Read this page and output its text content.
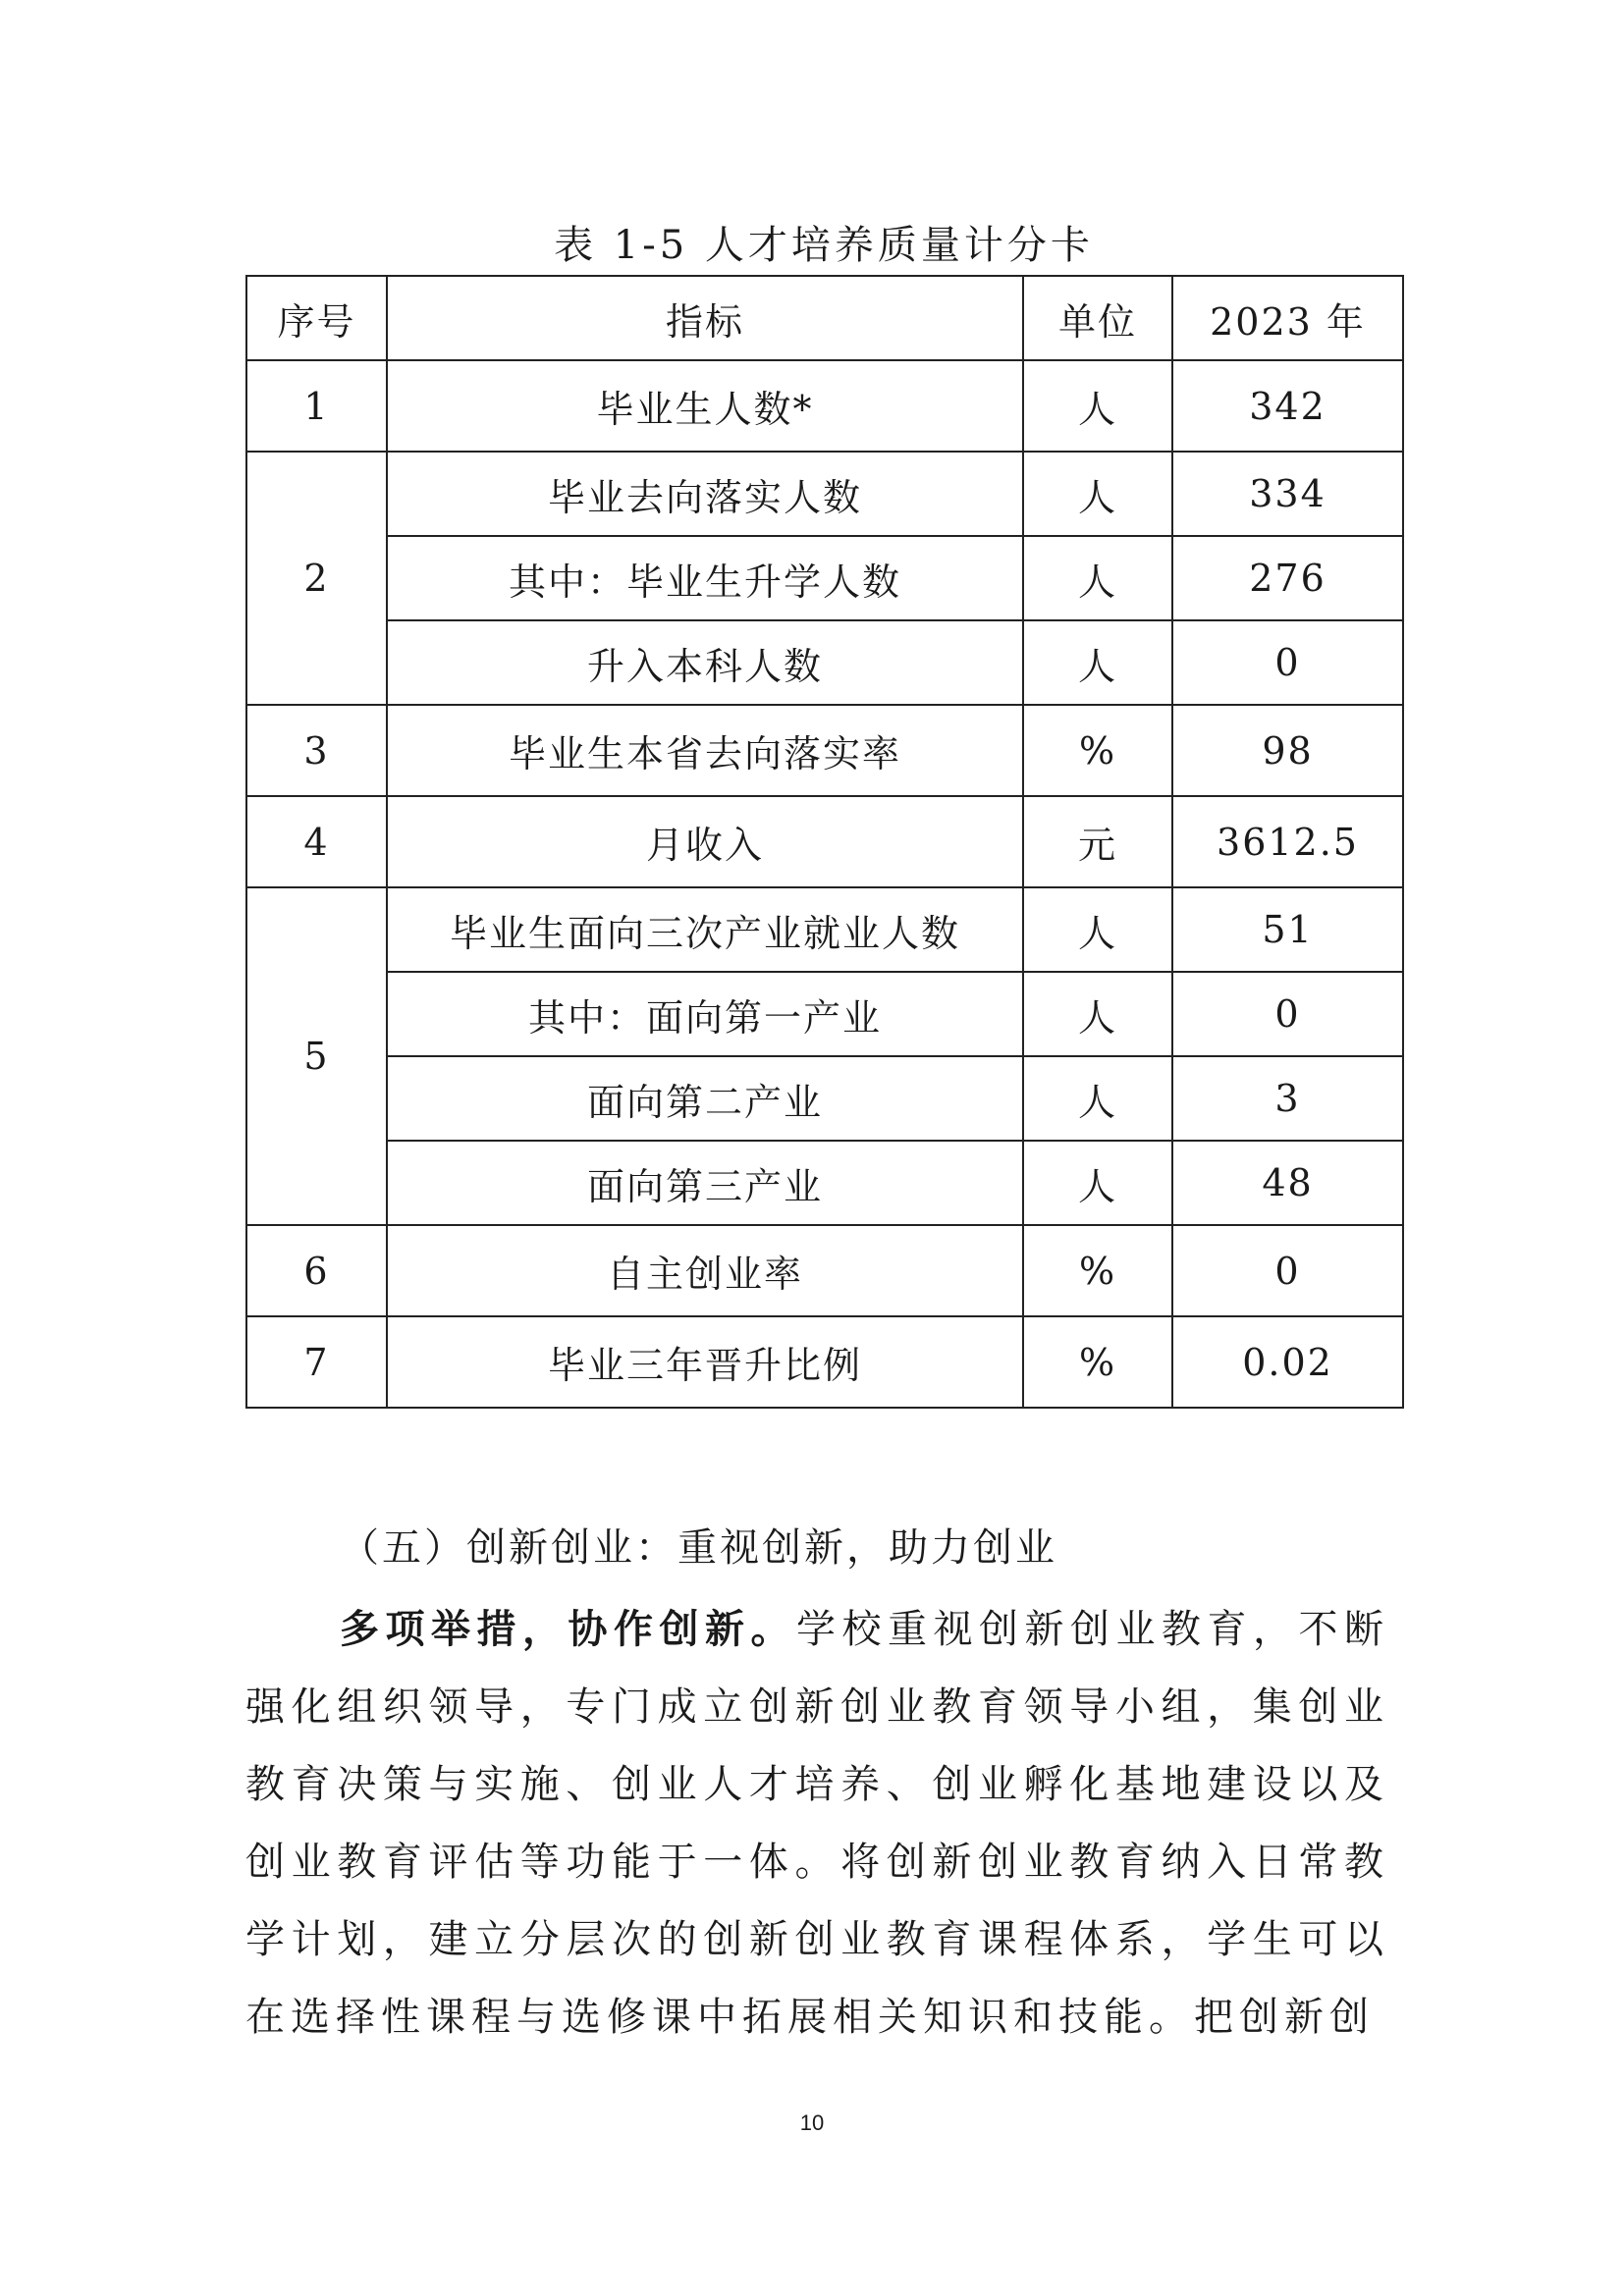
表 1-5 人才培养质量计分卡
序号	指标	单位	2023 年
1	毕业生人数*	人	342
2	毕业去向落实人数	人	334
	其中：毕业生升学人数	人	276
	升入本科人数	人	0
3	毕业生本省去向落实率	%	98
4	月收入	元	3612.5
5	毕业生面向三次产业就业人数	人	51
	其中：面向第一产业	人	0
	面向第二产业	人	3
	面向第三产业	人	48
6	自主创业率	%	0
7	毕业三年晋升比例	%	0.02
（五）创新创业：重视创新，助力创业
多项举措，协作创新。学校重视创新创业教育，不断强化组织领导，专门成立创新创业教育领导小组，集创业教育决策与实施、创业人才培养、创业孵化基地建设以及创业教育评估等功能于一体。将创新创业教育纳入日常教学计划，建立分层次的创新创业教育课程体系，学生可以在选择性课程与选修课中拓展相关知识和技能。把创新创
10
